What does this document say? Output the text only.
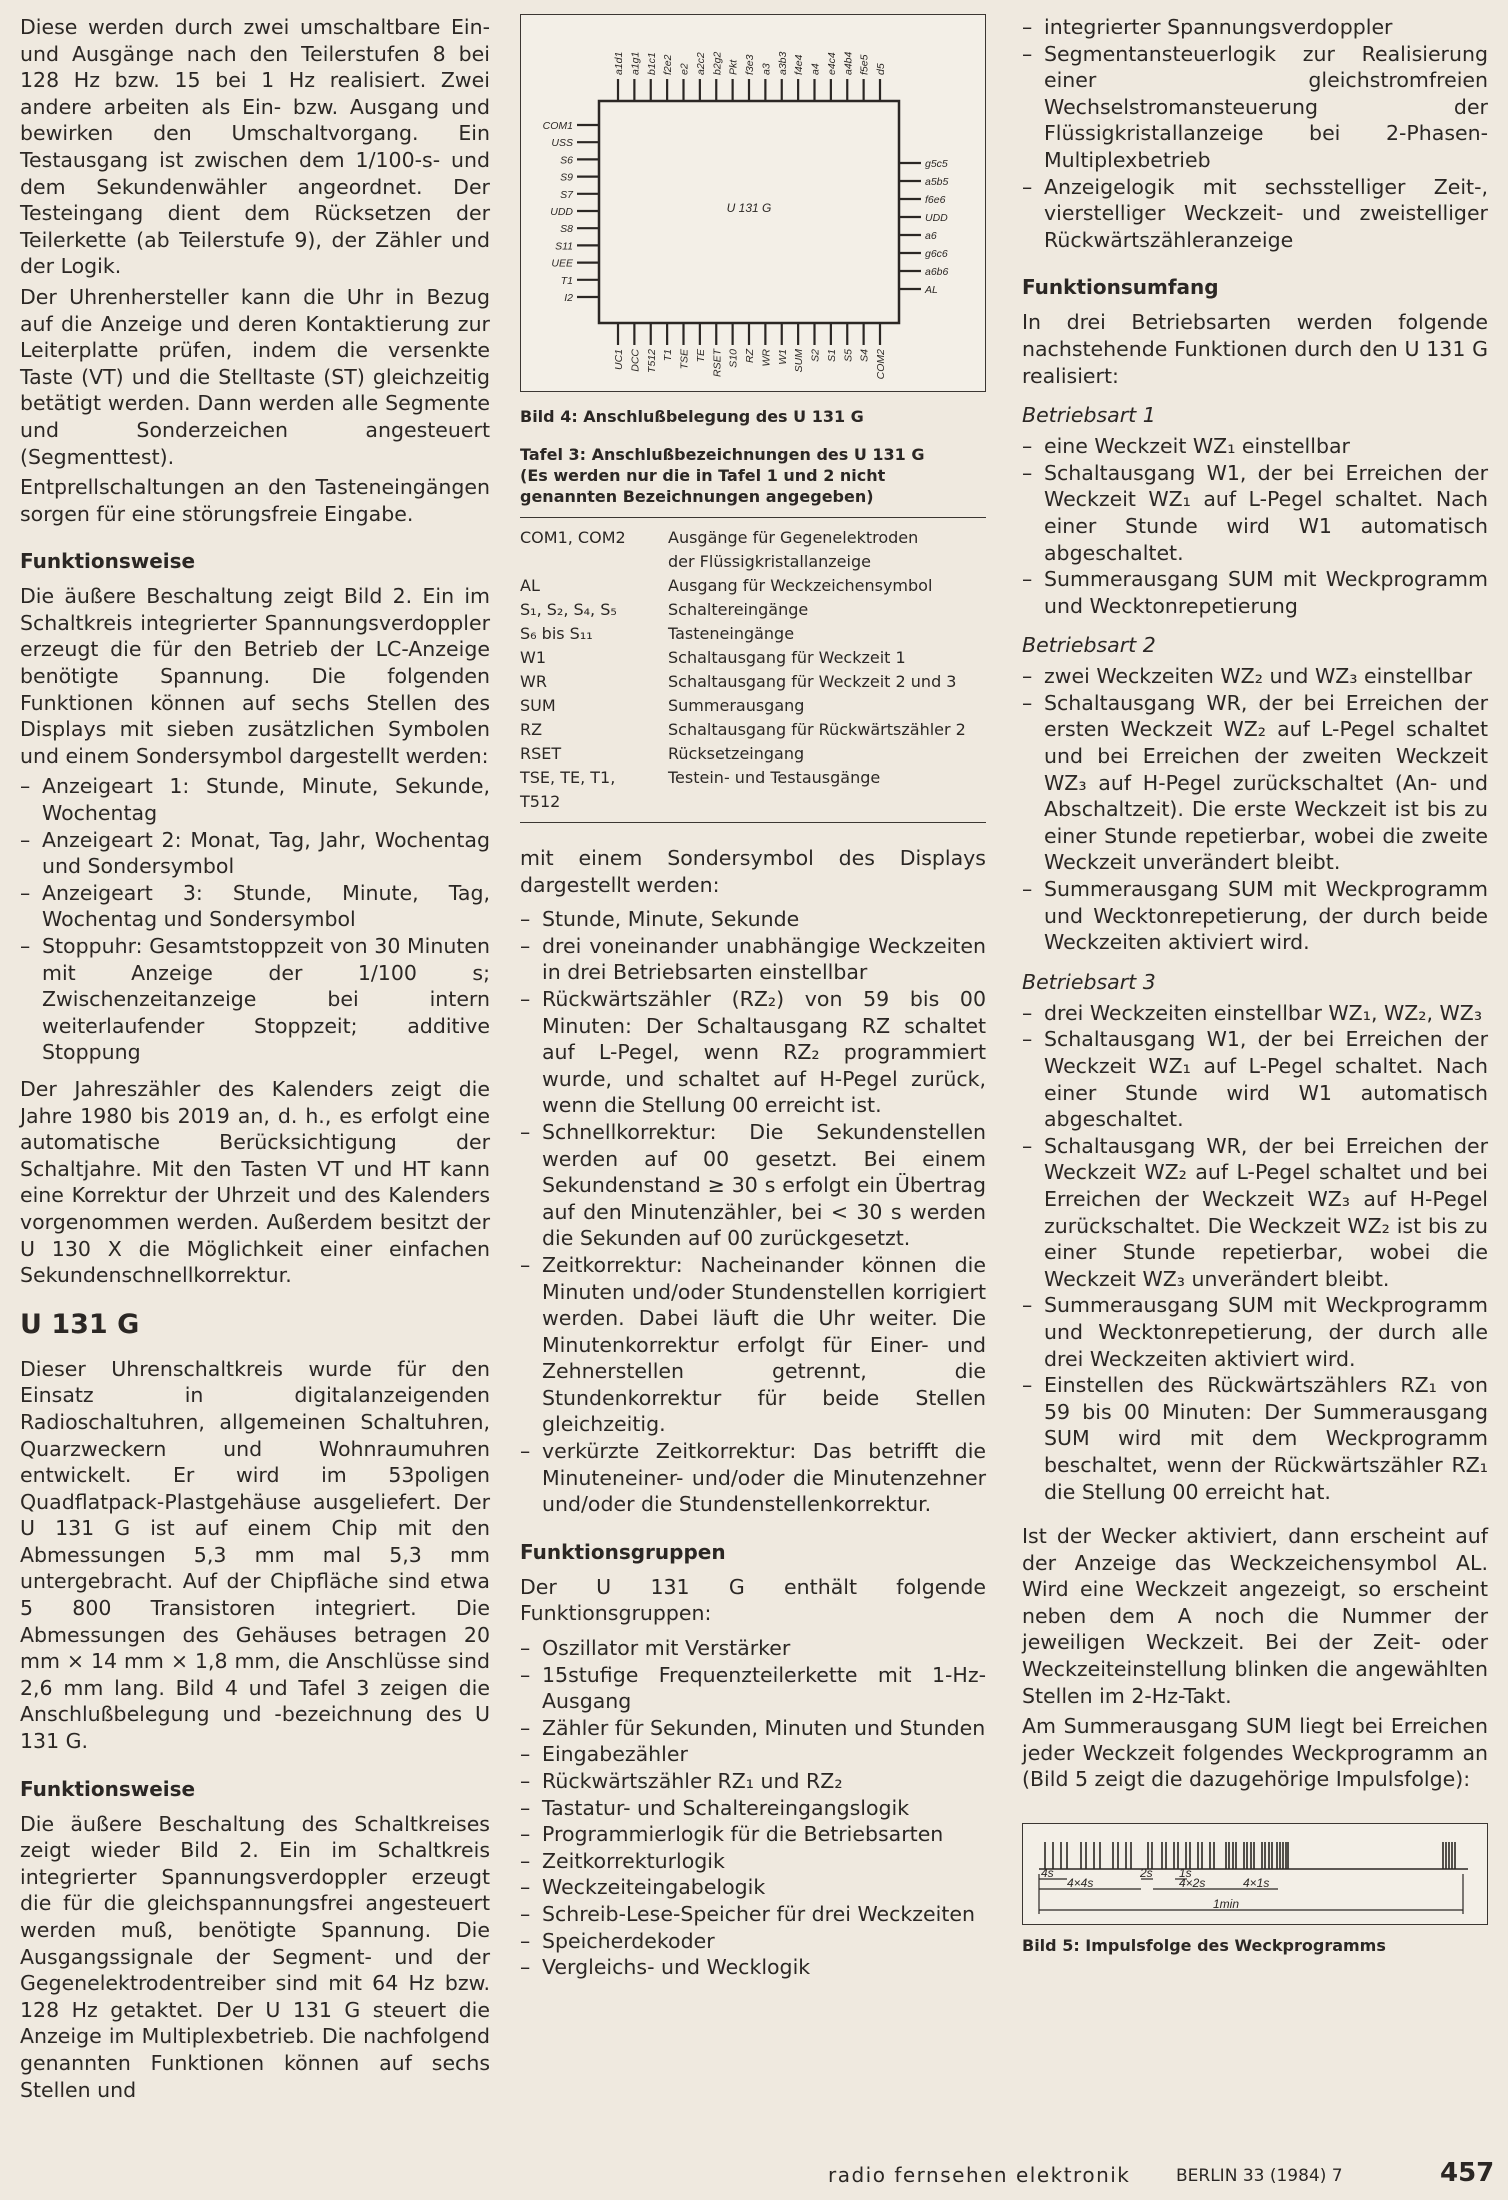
Diese werden durch zwei umschaltbare Ein- und Ausgänge nach den Teilerstufen 8 bei 128 Hz bzw. 15 bei 1 Hz realisiert. Zwei andere arbeiten als Ein- bzw. Ausgang und bewirken den Umschaltvorgang. Ein Testausgang ist zwischen dem 1/100-s- und dem Sekundenwähler angeordnet. Der Testeingang dient dem Rücksetzen der Teilerkette (ab Teilerstufe 9), der Zähler und der Logik.

Der Uhrenhersteller kann die Uhr in Bezug auf die Anzeige und deren Kontaktierung zur Leiterplatte prüfen, indem die versenkte Taste (VT) und die Stelltaste (ST) gleichzeitig betätigt werden. Dann werden alle Segmente und Sonderzeichen angesteuert (Segmenttest).

Entprellschaltungen an den Tasteneingängen sorgen für eine störungsfreie Eingabe.

Funktionsweise

Die äußere Beschaltung zeigt Bild 2. Ein im Schaltkreis integrierter Spannungsverdoppler erzeugt die für den Betrieb der LC-Anzeige benötigte Spannung. Die folgenden Funktionen können auf sechs Stellen des Displays mit sieben zusätzlichen Symbolen und einem Sondersymbol dargestellt werden:

– Anzeigeart 1: Stunde, Minute, Sekunde, Wochentag
– Anzeigeart 2: Monat, Tag, Jahr, Wochentag und Sondersymbol
– Anzeigeart 3: Stunde, Minute, Tag, Wochentag und Sondersymbol
– Stoppuhr: Gesamtstoppzeit von 30 Minuten mit Anzeige der 1/100 s; Zwischenzeitanzeige bei intern weiterlaufender Stoppzeit; additive Stoppung

Der Jahreszähler des Kalenders zeigt die Jahre 1980 bis 2019 an, d. h., es erfolgt eine automatische Berücksichtigung der Schaltjahre. Mit den Tasten VT und HT kann eine Korrektur der Uhrzeit und des Kalenders vorgenommen werden. Außerdem besitzt der U 130 X die Möglichkeit einer einfachen Sekundenschnellkorrektur.

U 131 G

Dieser Uhrenschaltkreis wurde für den Einsatz in digitalanzeigenden Radioschaltuhren, allgemeinen Schaltuhren, Quarzweckern und Wohnraumuhren entwickelt. Er wird im 53poligen Quadflatpack-Plastgehäuse ausgeliefert. Der U 131 G ist auf einem Chip mit den Abmessungen 5,3 mm mal 5,3 mm untergebracht. Auf der Chipfläche sind etwa 5 800 Transistoren integriert. Die Abmessungen des Gehäuses betragen 20 mm × 14 mm × 1,8 mm, die Anschlüsse sind 2,6 mm lang. Bild 4 und Tafel 3 zeigen die Anschlußbelegung und -bezeichnung des U 131 G.

Funktionsweise

Die äußere Beschaltung des Schaltkreises zeigt wieder Bild 2. Ein im Schaltkreis integrierter Spannungsverdoppler erzeugt die für die gleichspannungsfrei angesteuert werden muß, benötigte Spannung. Die Ausgangssignale der Segment- und der Gegenelektrodentreiber sind mit 64 Hz bzw. 128 Hz getaktet. Der U 131 G steuert die Anzeige im Multiplexbetrieb. Die nachfolgend genannten Funktionen können auf sechs Stellen und

U 131 G
a1d1 a1g1 b1c1 f2e2 e2 a2c2 b2g2 Pkt f3e3 a3 a3b3 f4e4 a4 e4c4 a4b4 f5e5 d5
UC1 DCC T512 T1 TSE TE RSET S10 RZ WR W1 SUM S2 S1 S5 S4 COM2
COM1
USS
S6
S9
S7
UDD
S8
S11
UEE
T1
I2
g5c5
a5b5
f6e6
UDD
a6
g6c6
a6b6
AL
Bild 4: Anschlußbelegung des U 131 G
Tafel 3: Anschlußbezeichnungen des U 131 G
(Es werden nur die in Tafel 1 und 2 nicht genannten Bezeichnungen angegeben)
COM1, COM2	Ausgänge für Gegenelektroden
	der Flüssigkristallanzeige
AL	Ausgang für Weckzeichensymbol
S₁, S₂, S₄, S₅	Schaltereingänge
S₆ bis S₁₁	Tasteneingänge
W1	Schaltausgang für Weckzeit 1
WR	Schaltausgang für Weckzeit 2 und 3
SUM	Summerausgang
RZ	Schaltausgang für Rückwärtszähler 2
RSET	Rücksetzeingang
TSE, TE, T1,	Testein- und Testausgänge
T512	

mit einem Sondersymbol des Displays dargestellt werden:

– Stunde, Minute, Sekunde
– drei voneinander unabhängige Weckzeiten in drei Betriebsarten einstellbar
– Rückwärtszähler (RZ₂) von 59 bis 00 Minuten: Der Schaltausgang RZ schaltet auf L-Pegel, wenn RZ₂ programmiert wurde, und schaltet auf H-Pegel zurück, wenn die Stellung 00 erreicht ist.
– Schnellkorrektur: Die Sekundenstellen werden auf 00 gesetzt. Bei einem Sekundenstand ≥ 30 s erfolgt ein Übertrag auf den Minutenzähler, bei < 30 s werden die Sekunden auf 00 zurückgesetzt.
– Zeitkorrektur: Nacheinander können die Minuten und/oder Stundenstellen korrigiert werden. Dabei läuft die Uhr weiter. Die Minutenkorrektur erfolgt für Einer- und Zehnerstellen getrennt, die Stundenkorrektur für beide Stellen gleichzeitig.
– verkürzte Zeitkorrektur: Das betrifft die Minuteneiner- und/oder die Minutenzehner und/oder die Stundenstellenkorrektur.
Funktionsgruppen

Der U 131 G enthält folgende Funktionsgruppen:

– Oszillator mit Verstärker
– 15stufige Frequenzteilerkette mit 1-Hz-Ausgang
– Zähler für Sekunden, Minuten und Stunden
– Eingabezähler
– Rückwärtszähler RZ₁ und RZ₂
– Tastatur- und Schaltereingangslogik
– Programmierlogik für die Betriebsarten
– Zeitkorrekturlogik
– Weckzeiteingabelogik
– Schreib-Lese-Speicher für drei Weckzeiten
– Speicherdekoder
– Vergleichs- und Wecklogik
– integrierter Spannungsverdoppler
– Segmentansteuerlogik zur Realisierung einer gleichstromfreien Wechselstromansteuerung der Flüssigkristallanzeige bei 2-Phasen-Multiplexbetrieb
– Anzeigelogik mit sechsstelliger Zeit-, vierstelliger Weckzeit- und zweistelliger Rückwärtszähleranzeige
Funktionsumfang

In drei Betriebsarten werden folgende nachstehende Funktionen durch den U 131 G realisiert:

Betriebsart 1
– eine Weckzeit WZ₁ einstellbar
– Schaltausgang W1, der bei Erreichen der Weckzeit WZ₁ auf L-Pegel schaltet. Nach einer Stunde wird W1 automatisch abgeschaltet.
– Summerausgang SUM mit Weckprogramm und Wecktonrepetierung
Betriebsart 2
– zwei Weckzeiten WZ₂ und WZ₃ einstellbar
– Schaltausgang WR, der bei Erreichen der ersten Weckzeit WZ₂ auf L-Pegel schaltet und bei Erreichen der zweiten Weckzeit WZ₃ auf H-Pegel zurückschaltet (An- und Abschaltzeit). Die erste Weckzeit ist bis zu einer Stunde repetierbar, wobei die zweite Weckzeit unverändert bleibt.
– Summerausgang SUM mit Weckprogramm und Wecktonrepetierung, der durch beide Weckzeiten aktiviert wird.
Betriebsart 3
– drei Weckzeiten einstellbar WZ₁, WZ₂, WZ₃
– Schaltausgang W1, der bei Erreichen der Weckzeit WZ₁ auf L-Pegel schaltet. Nach einer Stunde wird W1 automatisch abgeschaltet.
– Schaltausgang WR, der bei Erreichen der Weckzeit WZ₂ auf L-Pegel schaltet und bei Erreichen der Weckzeit WZ₃ auf H-Pegel zurückschaltet. Die Weckzeit WZ₂ ist bis zu einer Stunde repetierbar, wobei die Weckzeit WZ₃ unverändert bleibt.
– Summerausgang SUM mit Weckprogramm und Wecktonrepetierung, der durch alle drei Weckzeiten aktiviert wird.
– Einstellen des Rückwärtszählers RZ₁ von 59 bis 00 Minuten: Der Summerausgang SUM wird mit dem Weckprogramm beschaltet, wenn der Rückwärtszähler RZ₁ die Stellung 00 erreicht hat.

Ist der Wecker aktiviert, dann erscheint auf der Anzeige das Weckzeichensymbol AL. Wird eine Weckzeit angezeigt, so erscheint neben dem A noch die Nummer der jeweiligen Weckzeit. Bei der Zeit- oder Weckzeiteinstellung blinken die angewählten Stellen im 2-Hz-Takt.

Am Summerausgang SUM liegt bei Erreichen jeder Weckzeit folgendes Weckprogramm an (Bild 5 zeigt die dazugehörige Impulsfolge):

4s
4×4s
2s 1s
4×2s	4×1s
1min
Bild 5: Impulsfolge des Weckprogramms
radio fernsehen elektronik	BERLIN 33 (1984) 7	457
